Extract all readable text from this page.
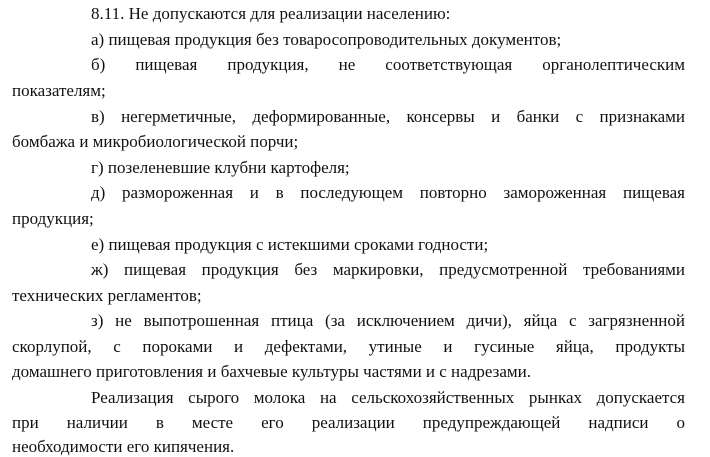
8.11. Не допускаются для реализации населению:
а) пищевая продукция без товаросопроводительных документов;
б) пищевая продукция, не соответствующая органолептическим
показателям;
в) негерметичные, деформированные, консервы и банки с признаками
бомбажа и микробиологической порчи;
г) позеленевшие клубни картофеля;
д) размороженная и в последующем повторно замороженная пищевая
продукция;
е) пищевая продукция с истекшими сроками годности;
ж) пищевая продукция без маркировки, предусмотренной требованиями
технических регламентов;
з) не выпотрошенная птица (за исключением дичи), яйца с загрязненной
скорлупой, с пороками и дефектами, утиные и гусиные яйца, продукты
домашнего приготовления и бахчевые культуры частями и с надрезами.
Реализация сырого молока на сельскохозяйственных рынках допускается
при наличии в месте его реализации предупреждающей надписи о
необходимости его кипячения.
